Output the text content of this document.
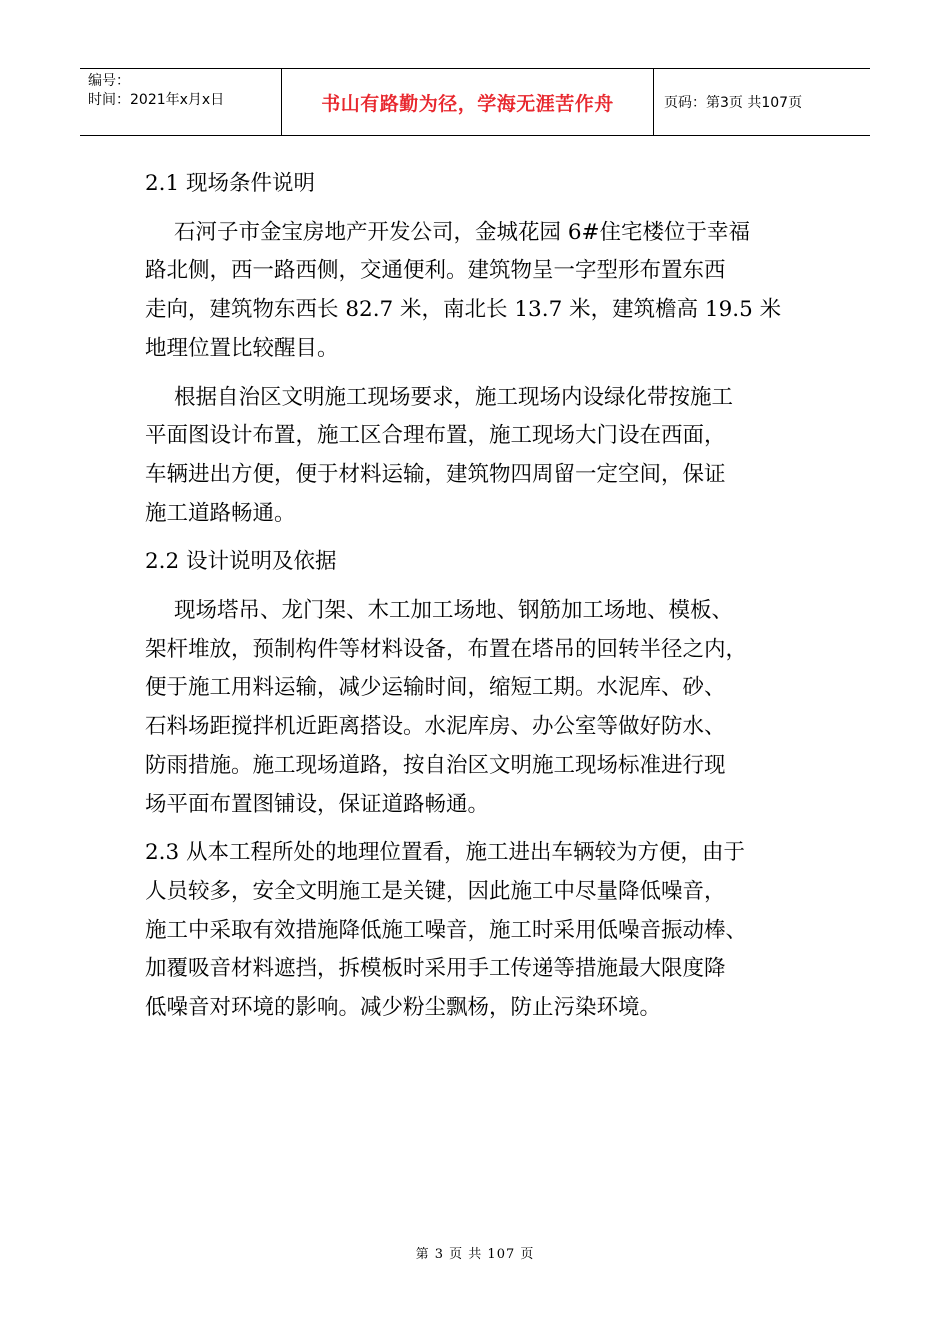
编号：
时间：2021年x月x日	书山有路勤为径，学海无涯苦作舟	页码：第3页 共107页

2.1 现场条件说明

石河子市金宝房地产开发公司，金城花园 6#住宅楼位于幸福

路北侧，西一路西侧，交通便利。建筑物呈一字型形布置东西

走向，建筑物东西长 82.7 米，南北长 13.7 米，建筑檐高 19.5 米

地理位置比较醒目。

根据自治区文明施工现场要求，施工现场内设绿化带按施工

平面图设计布置，施工区合理布置，施工现场大门设在西面，

车辆进出方便，便于材料运输，建筑物四周留一定空间，保证

施工道路畅通。

2.2 设计说明及依据

现场塔吊、龙门架、木工加工场地、钢筋加工场地、模板、

架杆堆放，预制构件等材料设备，布置在塔吊的回转半径之内，

便于施工用料运输，减少运输时间，缩短工期。水泥库、砂、

石料场距搅拌机近距离搭设。水泥库房、办公室等做好防水、

防雨措施。施工现场道路，按自治区文明施工现场标准进行现

场平面布置图铺设，保证道路畅通。

2.3 从本工程所处的地理位置看，施工进出车辆较为方便，由于

人员较多，安全文明施工是关键，因此施工中尽量降低噪音，

施工中采取有效措施降低施工噪音，施工时采用低噪音振动棒、

加覆吸音材料遮挡，拆模板时采用手工传递等措施最大限度降

低噪音对环境的影响。减少粉尘飘杨，防止污染环境。

第 3 页 共 107 页
